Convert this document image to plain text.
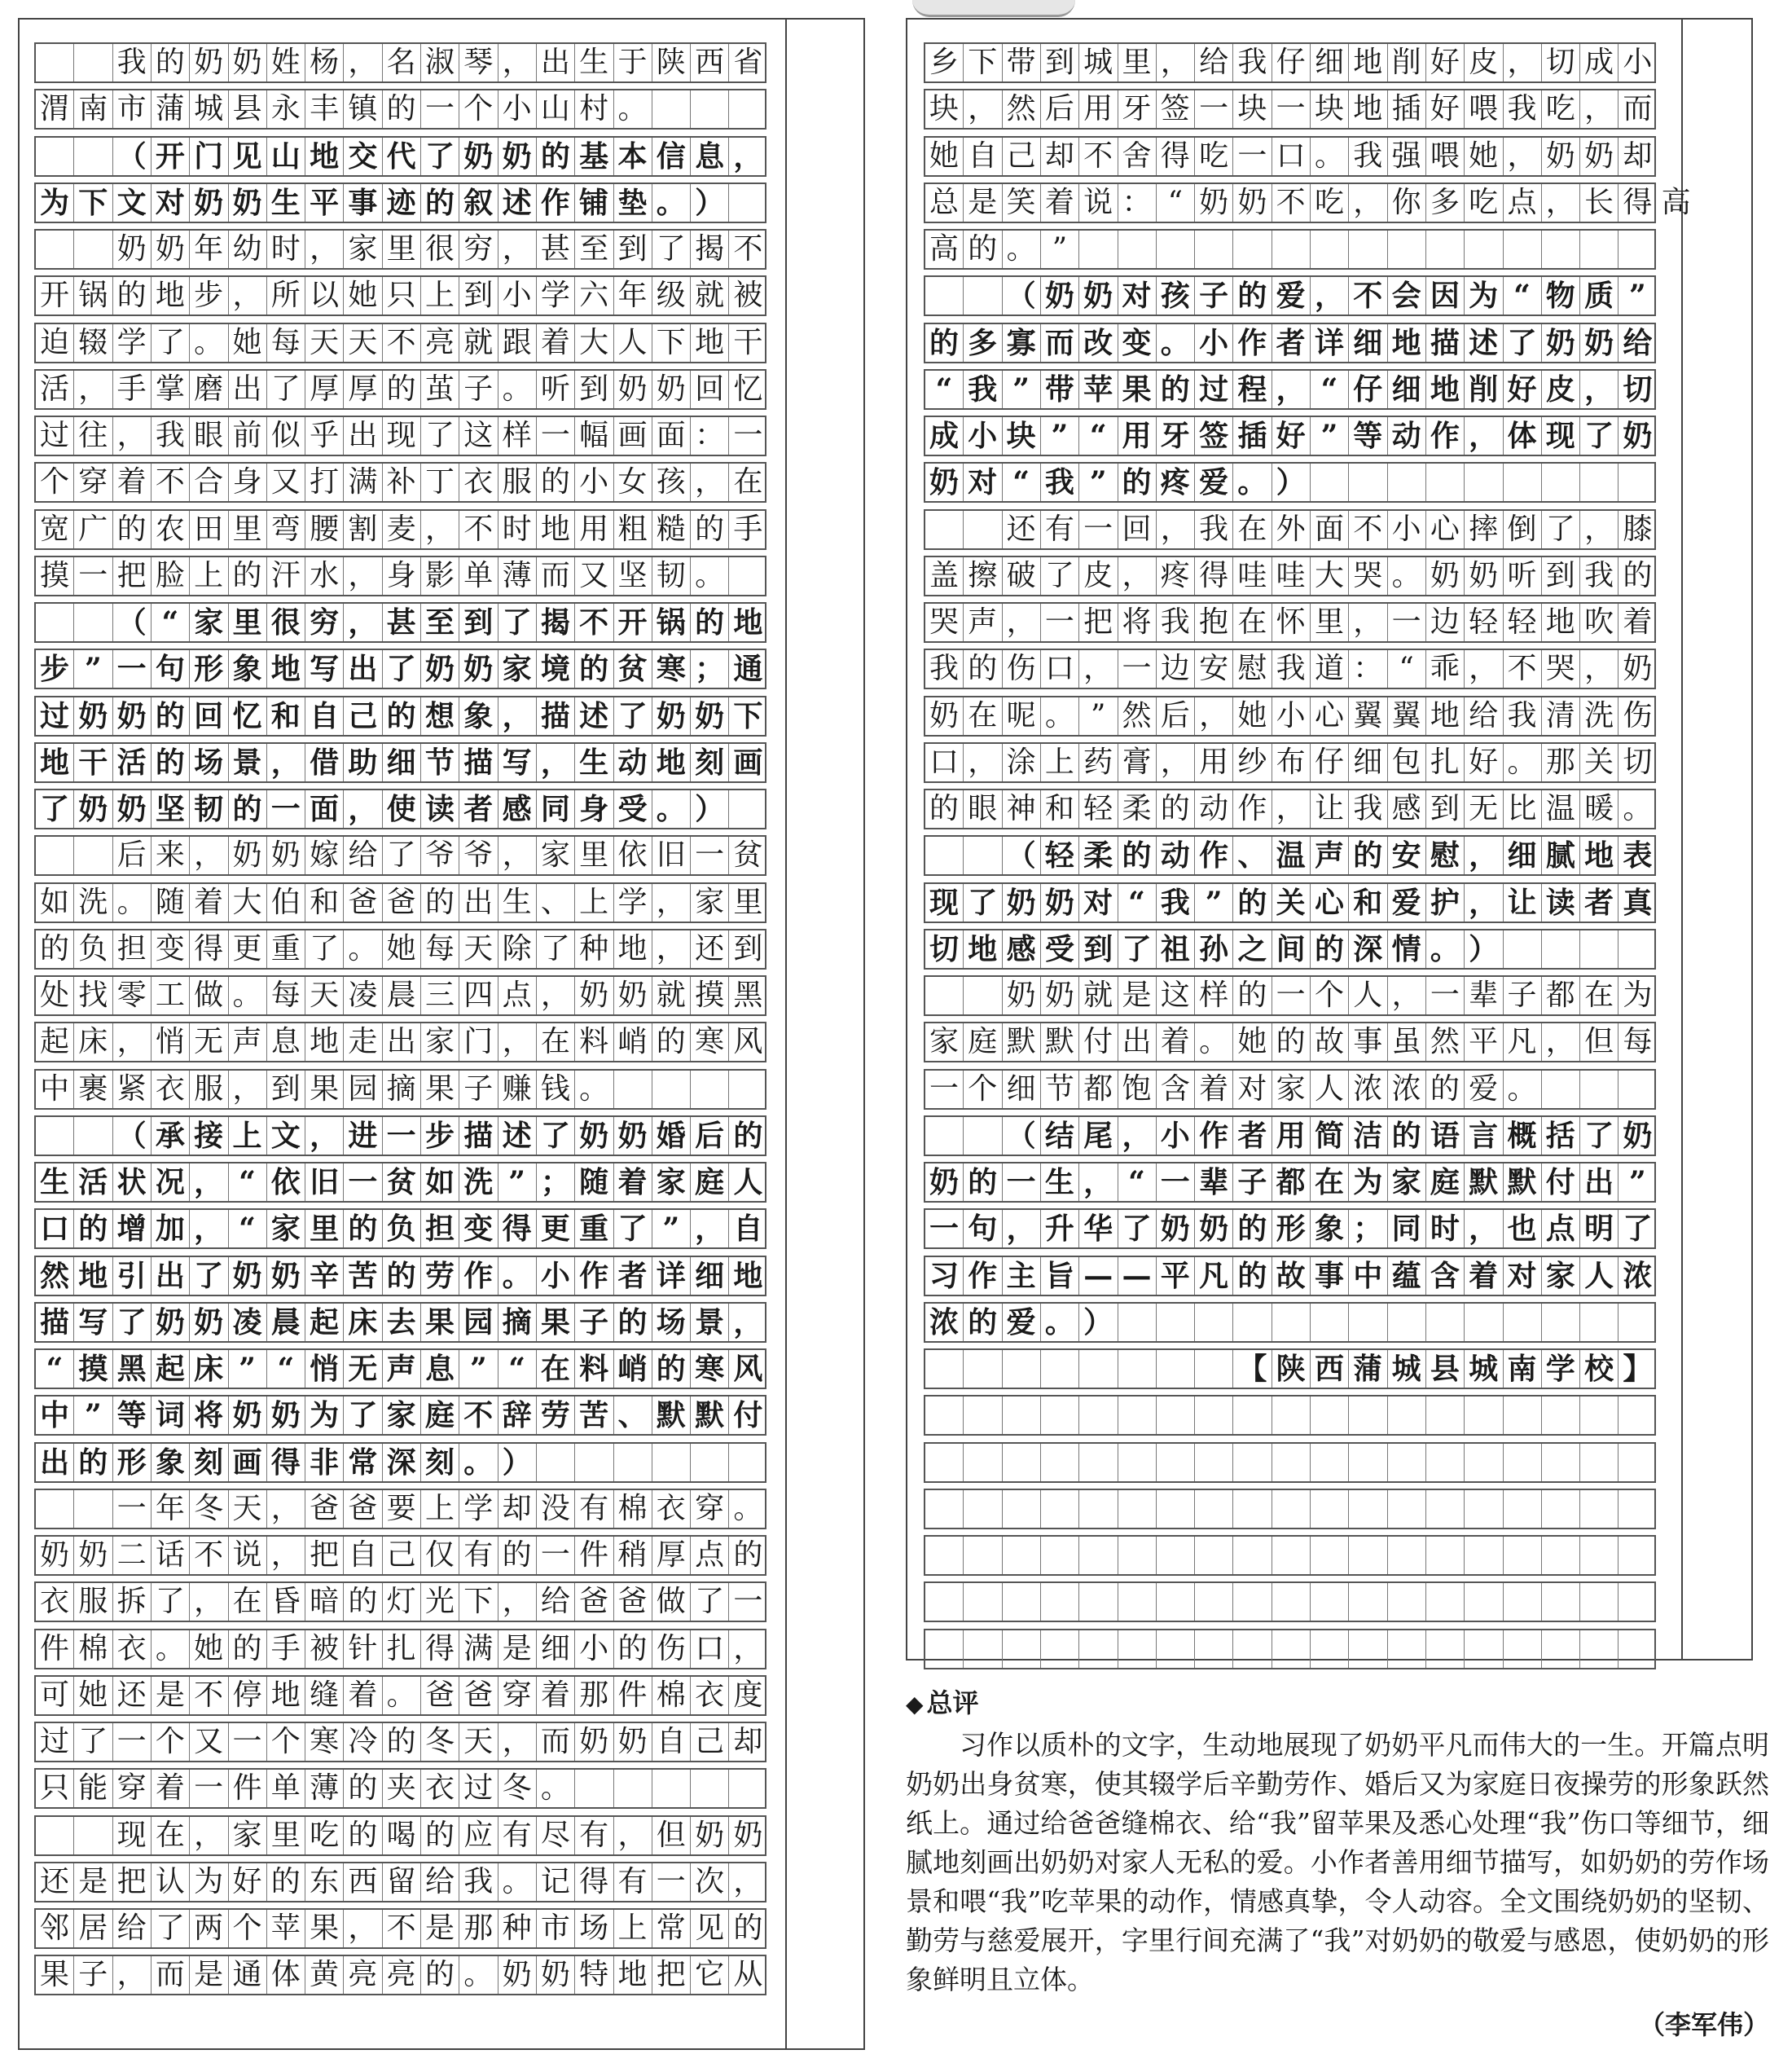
我 的 奶 奶 姓 杨 ， 名 淑 琴 ， 出 生 于 陕 西 省
渭 南 市 蒲 城 县 永 丰 镇 的 一 个 小 山 村 。
（ 开 门 见 山 地 交 代 了 奶 奶 的 基 本 信 息 ，
为 下 文 对 奶 奶 生 平 事 迹 的 叙 述 作 铺 垫 。 ）
奶 奶 年 幼 时 ， 家 里 很 穷 ， 甚 至 到 了 揭 不
开 锅 的 地 步 ， 所 以 她 只 上 到 小 学 六 年 级 就 被
迫 辍 学 了 。 她 每 天 天 不 亮 就 跟 着 大 人 下 地 干
活 ， 手 掌 磨 出 了 厚 厚 的 茧 子 。 听 到 奶 奶 回 忆
过 往 ， 我 眼 前 似 乎 出 现 了 这 样 一 幅 画 面 ： 一
个 穿 着 不 合 身 又 打 满 补 丁 衣 服 的 小 女 孩 ， 在
宽 广 的 农 田 里 弯 腰 割 麦 ， 不 时 地 用 粗 糙 的 手
摸 一 把 脸 上 的 汗 水 ， 身 影 单 薄 而 又 坚 韧 。
（ “ 家 里 很 穷 ， 甚 至 到 了 揭 不 开 锅 的 地
步 ” 一 句 形 象 地 写 出 了 奶 奶 家 境 的 贫 寒 ； 通
过 奶 奶 的 回 忆 和 自 己 的 想 象 ， 描 述 了 奶 奶 下
地 干 活 的 场 景 ， 借 助 细 节 描 写 ， 生 动 地 刻 画
了 奶 奶 坚 韧 的 一 面 ， 使 读 者 感 同 身 受 。 ）
后 来 ， 奶 奶 嫁 给 了 爷 爷 ， 家 里 依 旧 一 贫
如 洗 。 随 着 大 伯 和 爸 爸 的 出 生 、 上 学 ， 家 里
的 负 担 变 得 更 重 了 。 她 每 天 除 了 种 地 ， 还 到
处 找 零 工 做 。 每 天 凌 晨 三 四 点 ， 奶 奶 就 摸 黑
起 床 ， 悄 无 声 息 地 走 出 家 门 ， 在 料 峭 的 寒 风
中 裹 紧 衣 服 ， 到 果 园 摘 果 子 赚 钱 。
（ 承 接 上 文 ， 进 一 步 描 述 了 奶 奶 婚 后 的
生 活 状 况 ， “ 依 旧 一 贫 如 洗 ” ； 随 着 家 庭 人
口 的 增 加 ， “ 家 里 的 负 担 变 得 更 重 了 ” ， 自
然 地 引 出 了 奶 奶 辛 苦 的 劳 作 。 小 作 者 详 细 地
描 写 了 奶 奶 凌 晨 起 床 去 果 园 摘 果 子 的 场 景 ，
“ 摸 黑 起 床 ” “ 悄 无 声 息 ” “ 在 料 峭 的 寒 风
中 ” 等 词 将 奶 奶 为 了 家 庭 不 辞 劳 苦 、 默 默 付
出 的 形 象 刻 画 得 非 常 深 刻 。 ）
一 年 冬 天 ， 爸 爸 要 上 学 却 没 有 棉 衣 穿 。
奶 奶 二 话 不 说 ， 把 自 己 仅 有 的 一 件 稍 厚 点 的
衣 服 拆 了 ， 在 昏 暗 的 灯 光 下 ， 给 爸 爸 做 了 一
件 棉 衣 。 她 的 手 被 针 扎 得 满 是 细 小 的 伤 口 ，
可 她 还 是 不 停 地 缝 着 。 爸 爸 穿 着 那 件 棉 衣 度
过 了 一 个 又 一 个 寒 冷 的 冬 天 ， 而 奶 奶 自 己 却
只 能 穿 着 一 件 单 薄 的 夹 衣 过 冬 。
现 在 ， 家 里 吃 的 喝 的 应 有 尽 有 ， 但 奶 奶
还 是 把 认 为 好 的 东 西 留 给 我 。 记 得 有 一 次 ，
邻 居 给 了 两 个 苹 果 ， 不 是 那 种 市 场 上 常 见 的
果 子 ， 而 是 通 体 黄 亮 亮 的 。 奶 奶 特 地 把 它 从
乡 下 带 到 城 里 ， 给 我 仔 细 地 削 好 皮 ， 切 成 小
块 ， 然 后 用 牙 签 一 块 一 块 地 插 好 喂 我 吃 ， 而
她 自 己 却 不 舍 得 吃 一 口 。 我 强 喂 她 ， 奶 奶 却
总 是 笑 着 说 ： “ 奶 奶 不 吃 ， 你 多 吃 点 ， 长 得 高
高 的 。 ”
（ 奶 奶 对 孩 子 的 爱 ， 不 会 因 为 “ 物 质 ”
的 多 寡 而 改 变 。 小 作 者 详 细 地 描 述 了 奶 奶 给
“ 我 ” 带 苹 果 的 过 程 ， “ 仔 细 地 削 好 皮 ， 切
成 小 块 ” “ 用 牙 签 插 好 ” 等 动 作 ， 体 现 了 奶
奶 对 “ 我 ” 的 疼 爱 。 ）
还 有 一 回 ， 我 在 外 面 不 小 心 摔 倒 了 ， 膝
盖 擦 破 了 皮 ， 疼 得 哇 哇 大 哭 。 奶 奶 听 到 我 的
哭 声 ， 一 把 将 我 抱 在 怀 里 ， 一 边 轻 轻 地 吹 着
我 的 伤 口 ， 一 边 安 慰 我 道 ： “ 乖 ， 不 哭 ， 奶
奶 在 呢 。 ” 然 后 ， 她 小 心 翼 翼 地 给 我 清 洗 伤
口 ， 涂 上 药 膏 ， 用 纱 布 仔 细 包 扎 好 。 那 关 切
的 眼 神 和 轻 柔 的 动 作 ， 让 我 感 到 无 比 温 暖 。
（ 轻 柔 的 动 作 、 温 声 的 安 慰 ， 细 腻 地 表
现 了 奶 奶 对 “ 我 ” 的 关 心 和 爱 护 ， 让 读 者 真
切 地 感 受 到 了 祖 孙 之 间 的 深 情 。 ）
奶 奶 就 是 这 样 的 一 个 人 ， 一 辈 子 都 在 为
家 庭 默 默 付 出 着 。 她 的 故 事 虽 然 平 凡 ， 但 每
一 个 细 节 都 饱 含 着 对 家 人 浓 浓 的 爱 。
（ 结 尾 ， 小 作 者 用 简 洁 的 语 言 概 括 了 奶
奶 的 一 生 ， “ 一 辈 子 都 在 为 家 庭 默 默 付 出 ”
一 句 ， 升 华 了 奶 奶 的 形 象 ； 同 时 ， 也 点 明 了
习 作 主 旨 — — 平 凡 的 故 事 中 蕴 含 着 对 家 人 浓
浓 的 爱 。 ）
【 陕 西 蒲 城 县 城 南 学 校 】
◆ 总评
习作以质朴的文字，生动地展现了奶奶平凡而伟大的一生。开篇点明奶奶出身贫寒，使其辍学后辛勤劳作、婚后又为家庭日夜操劳的形象跃然纸上。通过给爸爸缝棉衣、给“我”留苹果及悉心处理“我”伤口等细节，细腻地刻画出奶奶对家人无私的爱。小作者善用细节描写，如奶奶的劳作场景和喂“我”吃苹果的动作，情感真挚，令人动容。全文围绕奶奶的坚韧、勤劳与慈爱展开，字里行间充满了“我”对奶奶的敬爱与感恩，使奶奶的形象鲜明且立体。
（李军伟）
